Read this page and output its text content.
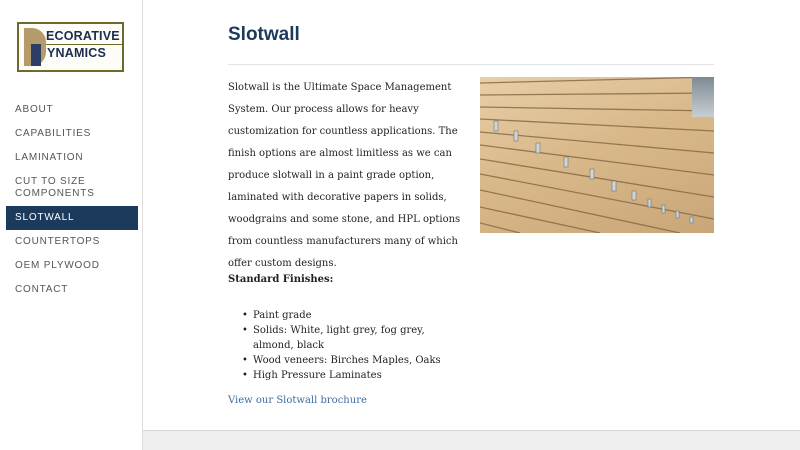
ECORATIVE
YNAMICS
ABOUT
CAPABILITIES
LAMINATION
CUT TO SIZE COMPONENTS
SLOTWALL
COUNTERTOPS
OEM PLYWOOD
CONTACT
Slotwall

Slotwall is the Ultimate Space Management System. Our process allows for heavy customization for countless applications. The finish options are almost limitless as we can produce slotwall in a paint grade option, laminated with decorative papers in solids, woodgrains and some stone, and HPL options from countless manufacturers many of which offer custom designs.

Standard Finishes:
• Paint grade
• Solids: White, light grey, fog grey, almond, black
• Wood veneers: Birches Maples, Oaks
• High Pressure Laminates
View our Slotwall brochure
